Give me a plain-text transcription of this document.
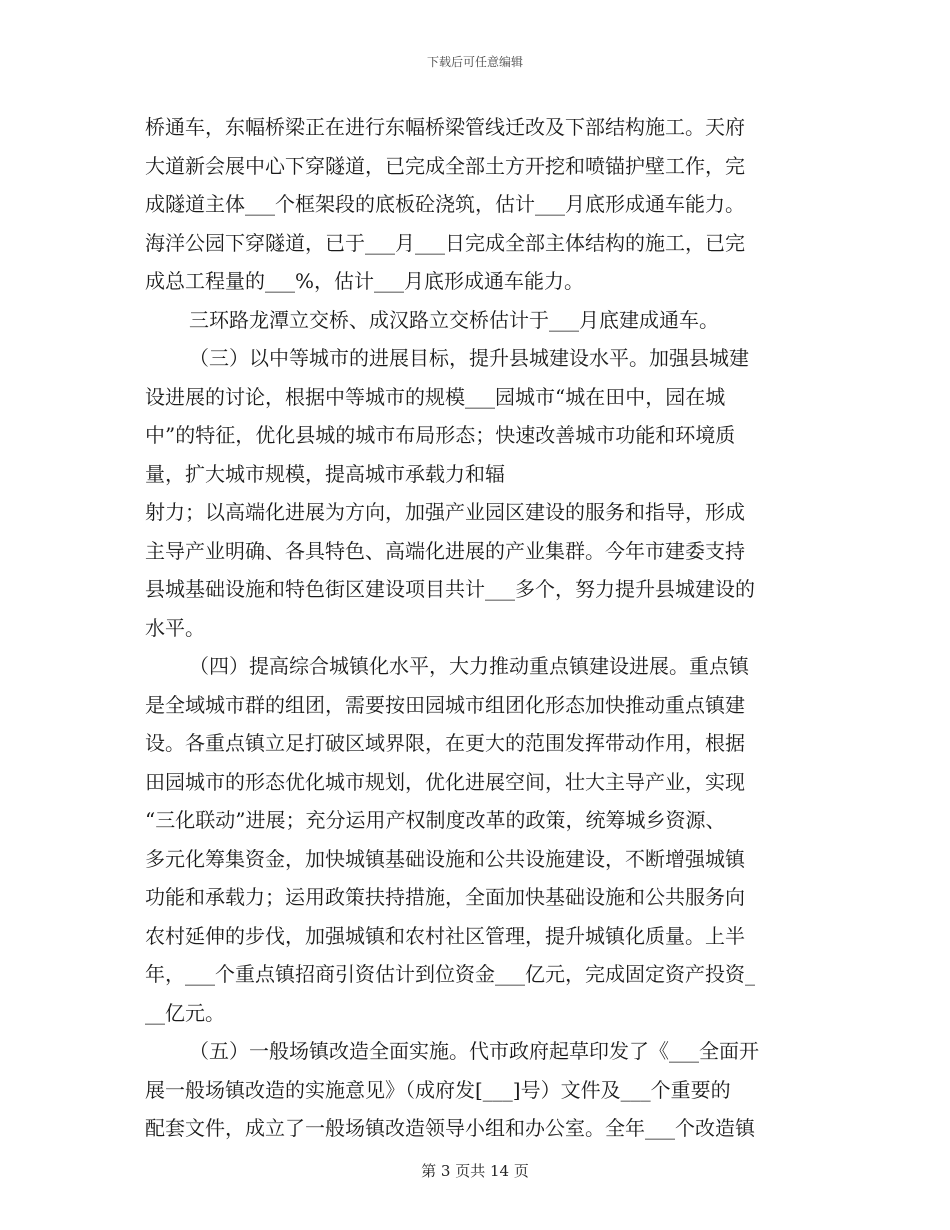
下载后可任意编辑
桥通车，东幅桥梁正在进行东幅桥梁管线迁改及下部结构施工。天府
大道新会展中心下穿隧道，已完成全部土方开挖和喷锚护壁工作，完
成隧道主体___个框架段的底板砼浇筑，估计___月底形成通车能力。
海洋公园下穿隧道，已于___月___日完成全部主体结构的施工，已完
成总工程量的___%，估计___月底形成通车能力。
三环路龙潭立交桥、成汉路立交桥估计于___月底建成通车。
（三）以中等城市的进展目标，提升县城建设水平。加强县城建
设进展的讨论，根据中等城市的规模___园城市“城在田中，园在城
中”的特征，优化县城的城市布局形态；快速改善城市功能和环境质
量，扩大城市规模，提高城市承载力和辐
射力；以高端化进展为方向，加强产业园区建设的服务和指导，形成
主导产业明确、各具特色、高端化进展的产业集群。今年市建委支持
县城基础设施和特色街区建设项目共计___多个，努力提升县城建设的
水平。
（四）提高综合城镇化水平，大力推动重点镇建设进展。重点镇
是全域城市群的组团，需要按田园城市组团化形态加快推动重点镇建
设。各重点镇立足打破区域界限，在更大的范围发挥带动作用，根据
田园城市的形态优化城市规划，优化进展空间，壮大主导产业，实现
“三化联动”进展；充分运用产权制度改革的政策，统筹城乡资源、
多元化筹集资金，加快城镇基础设施和公共设施建设，不断增强城镇
功能和承载力；运用政策扶持措施，全面加快基础设施和公共服务向
农村延伸的步伐，加强城镇和农村社区管理，提升城镇化质量。上半
年，___个重点镇招商引资估计到位资金___亿元，完成固定资产投资_
__亿元。
（五）一般场镇改造全面实施。代市政府起草印发了《___全面开
展一般场镇改造的实施意见》（成府发[___]号）文件及___个重要的
配套文件，成立了一般场镇改造领导小组和办公室。全年___个改造镇
第 3 页共 14 页
